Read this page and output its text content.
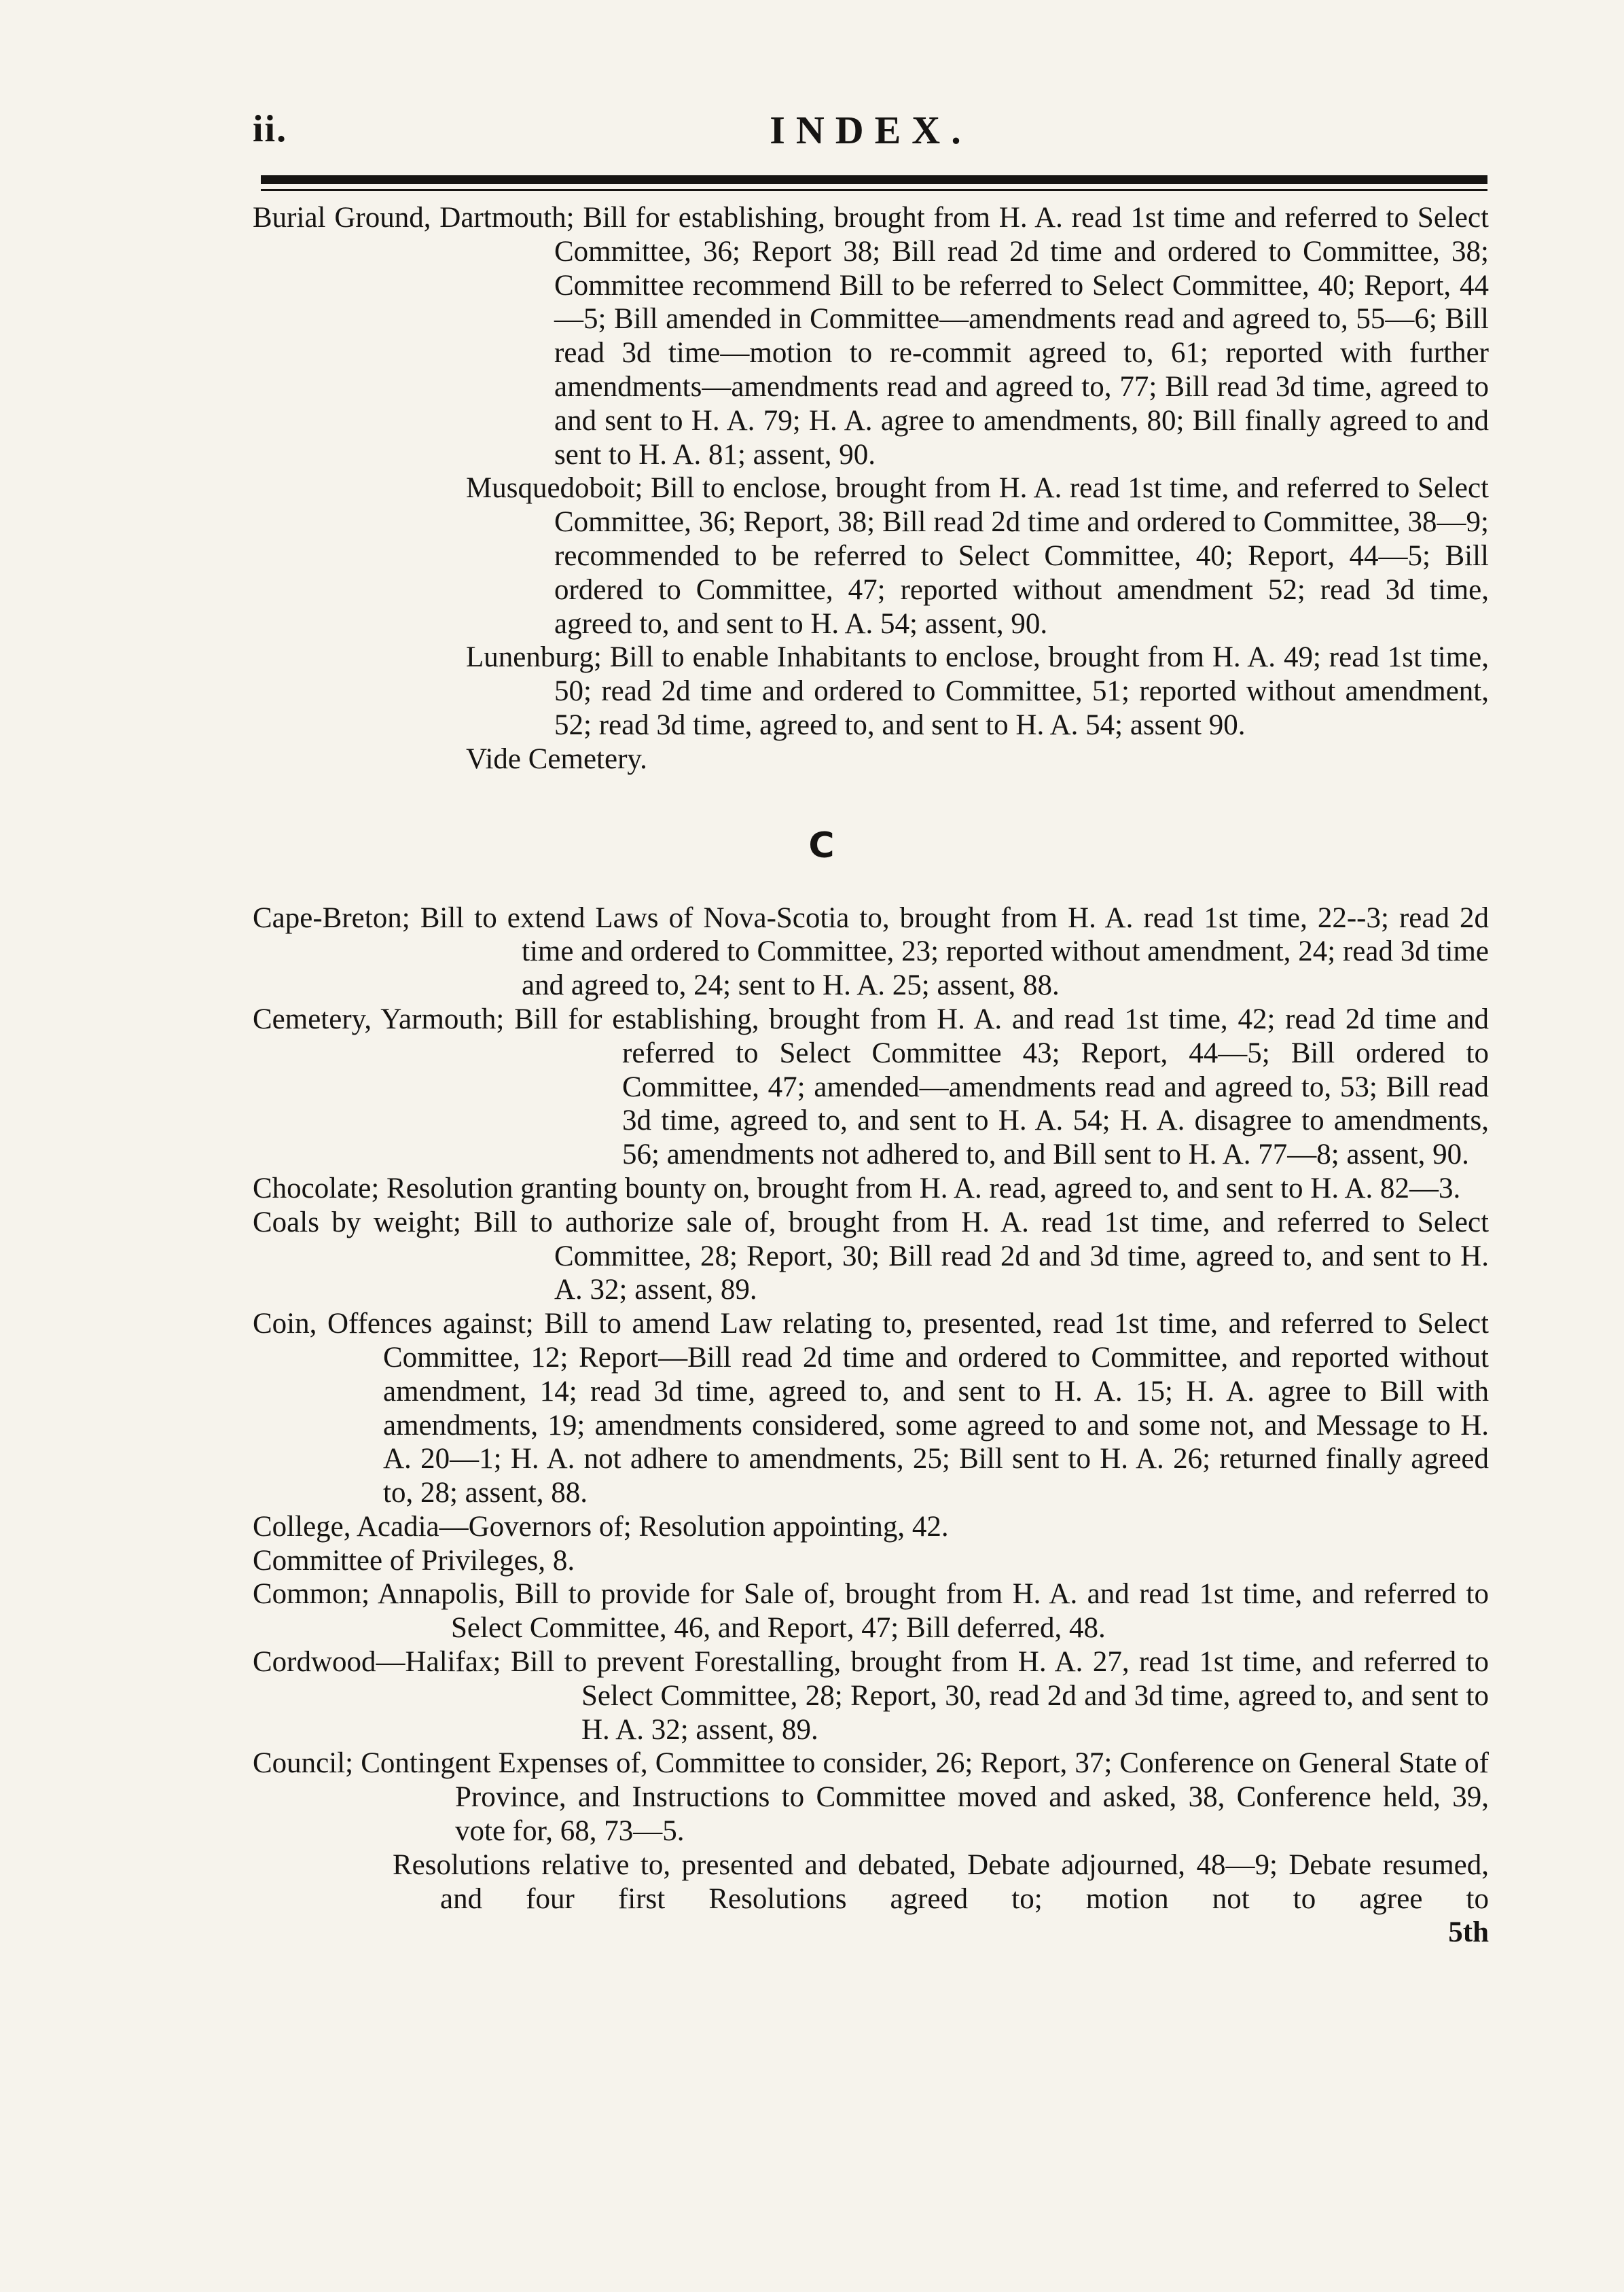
ii.	INDEX.
Burial Ground, Dartmouth; Bill for establishing, brought from H. A. read 1st time and referred to Select Committee, 36; Report 38; Bill read 2d time and ordered to Committee, 38; Committee recommend Bill to be referred to Select Committee, 40; Report, 44—5; Bill amended in Committee—amendments read and agreed to, 55—6; Bill read 3d time—motion to re-commit agreed to, 61; reported with further amendments—amendments read and agreed to, 77; Bill read 3d time, agreed to and sent to H. A. 79; H. A. agree to amendments, 80; Bill finally agreed to and sent to H. A. 81; assent, 90.
Musquedoboit; Bill to enclose, brought from H. A. read 1st time, and referred to Select Committee, 36; Report, 38; Bill read 2d time and ordered to Committee, 38—9; recommended to be referred to Select Committee, 40; Report, 44—5; Bill ordered to Committee, 47; reported without amendment 52; read 3d time, agreed to, and sent to H. A. 54; assent, 90.
Lunenburg; Bill to enable Inhabitants to enclose, brought from H. A. 49; read 1st time, 50; read 2d time and ordered to Committee, 51; reported without amendment, 52; read 3d time, agreed to, and sent to H. A. 54; assent 90.
Vide Cemetery.
C
Cape-Breton; Bill to extend Laws of Nova-Scotia to, brought from H. A. read 1st time, 22--3; read 2d time and ordered to Committee, 23; reported without amendment, 24; read 3d time and agreed to, 24; sent to H. A. 25; assent, 88.
Cemetery, Yarmouth; Bill for establishing, brought from H. A. and read 1st time, 42; read 2d time and referred to Select Committee 43; Report, 44—5; Bill ordered to Committee, 47; amended—amendments read and agreed to, 53; Bill read 3d time, agreed to, and sent to H. A. 54; H. A. disagree to amendments, 56; amendments not adhered to, and Bill sent to H. A. 77—8; assent, 90.
Chocolate; Resolution granting bounty on, brought from H. A. read, agreed to, and sent to H. A. 82—3.
Coals by weight; Bill to authorize sale of, brought from H. A. read 1st time, and referred to Select Committee, 28; Report, 30; Bill read 2d and 3d time, agreed to, and sent to H. A. 32; assent, 89.
Coin, Offences against; Bill to amend Law relating to, presented, read 1st time, and referred to Select Committee, 12; Report—Bill read 2d time and ordered to Committee, and reported without amendment, 14; read 3d time, agreed to, and sent to H. A. 15; H. A. agree to Bill with amendments, 19; amendments considered, some agreed to and some not, and Message to H. A. 20—1; H. A. not adhere to amendments, 25; Bill sent to H. A. 26; returned finally agreed to, 28; assent, 88.
College, Acadia—Governors of; Resolution appointing, 42.
Committee of Privileges, 8.
Common; Annapolis, Bill to provide for Sale of, brought from H. A. and read 1st time, and referred to Select Committee, 46, and Report, 47; Bill deferred, 48.
Cordwood—Halifax; Bill to prevent Forestalling, brought from H. A. 27, read 1st time, and referred to Select Committee, 28; Report, 30, read 2d and 3d time, agreed to, and sent to H. A. 32; assent, 89.
Council; Contingent Expenses of, Committee to consider, 26; Report, 37; Conference on General State of Province, and Instructions to Committee moved and asked, 38, Conference held, 39, vote for, 68, 73—5.
Resolutions relative to, presented and debated, Debate adjourned, 48—9; Debate resumed, and four first Resolutions agreed to; motion not to agree to
5th
